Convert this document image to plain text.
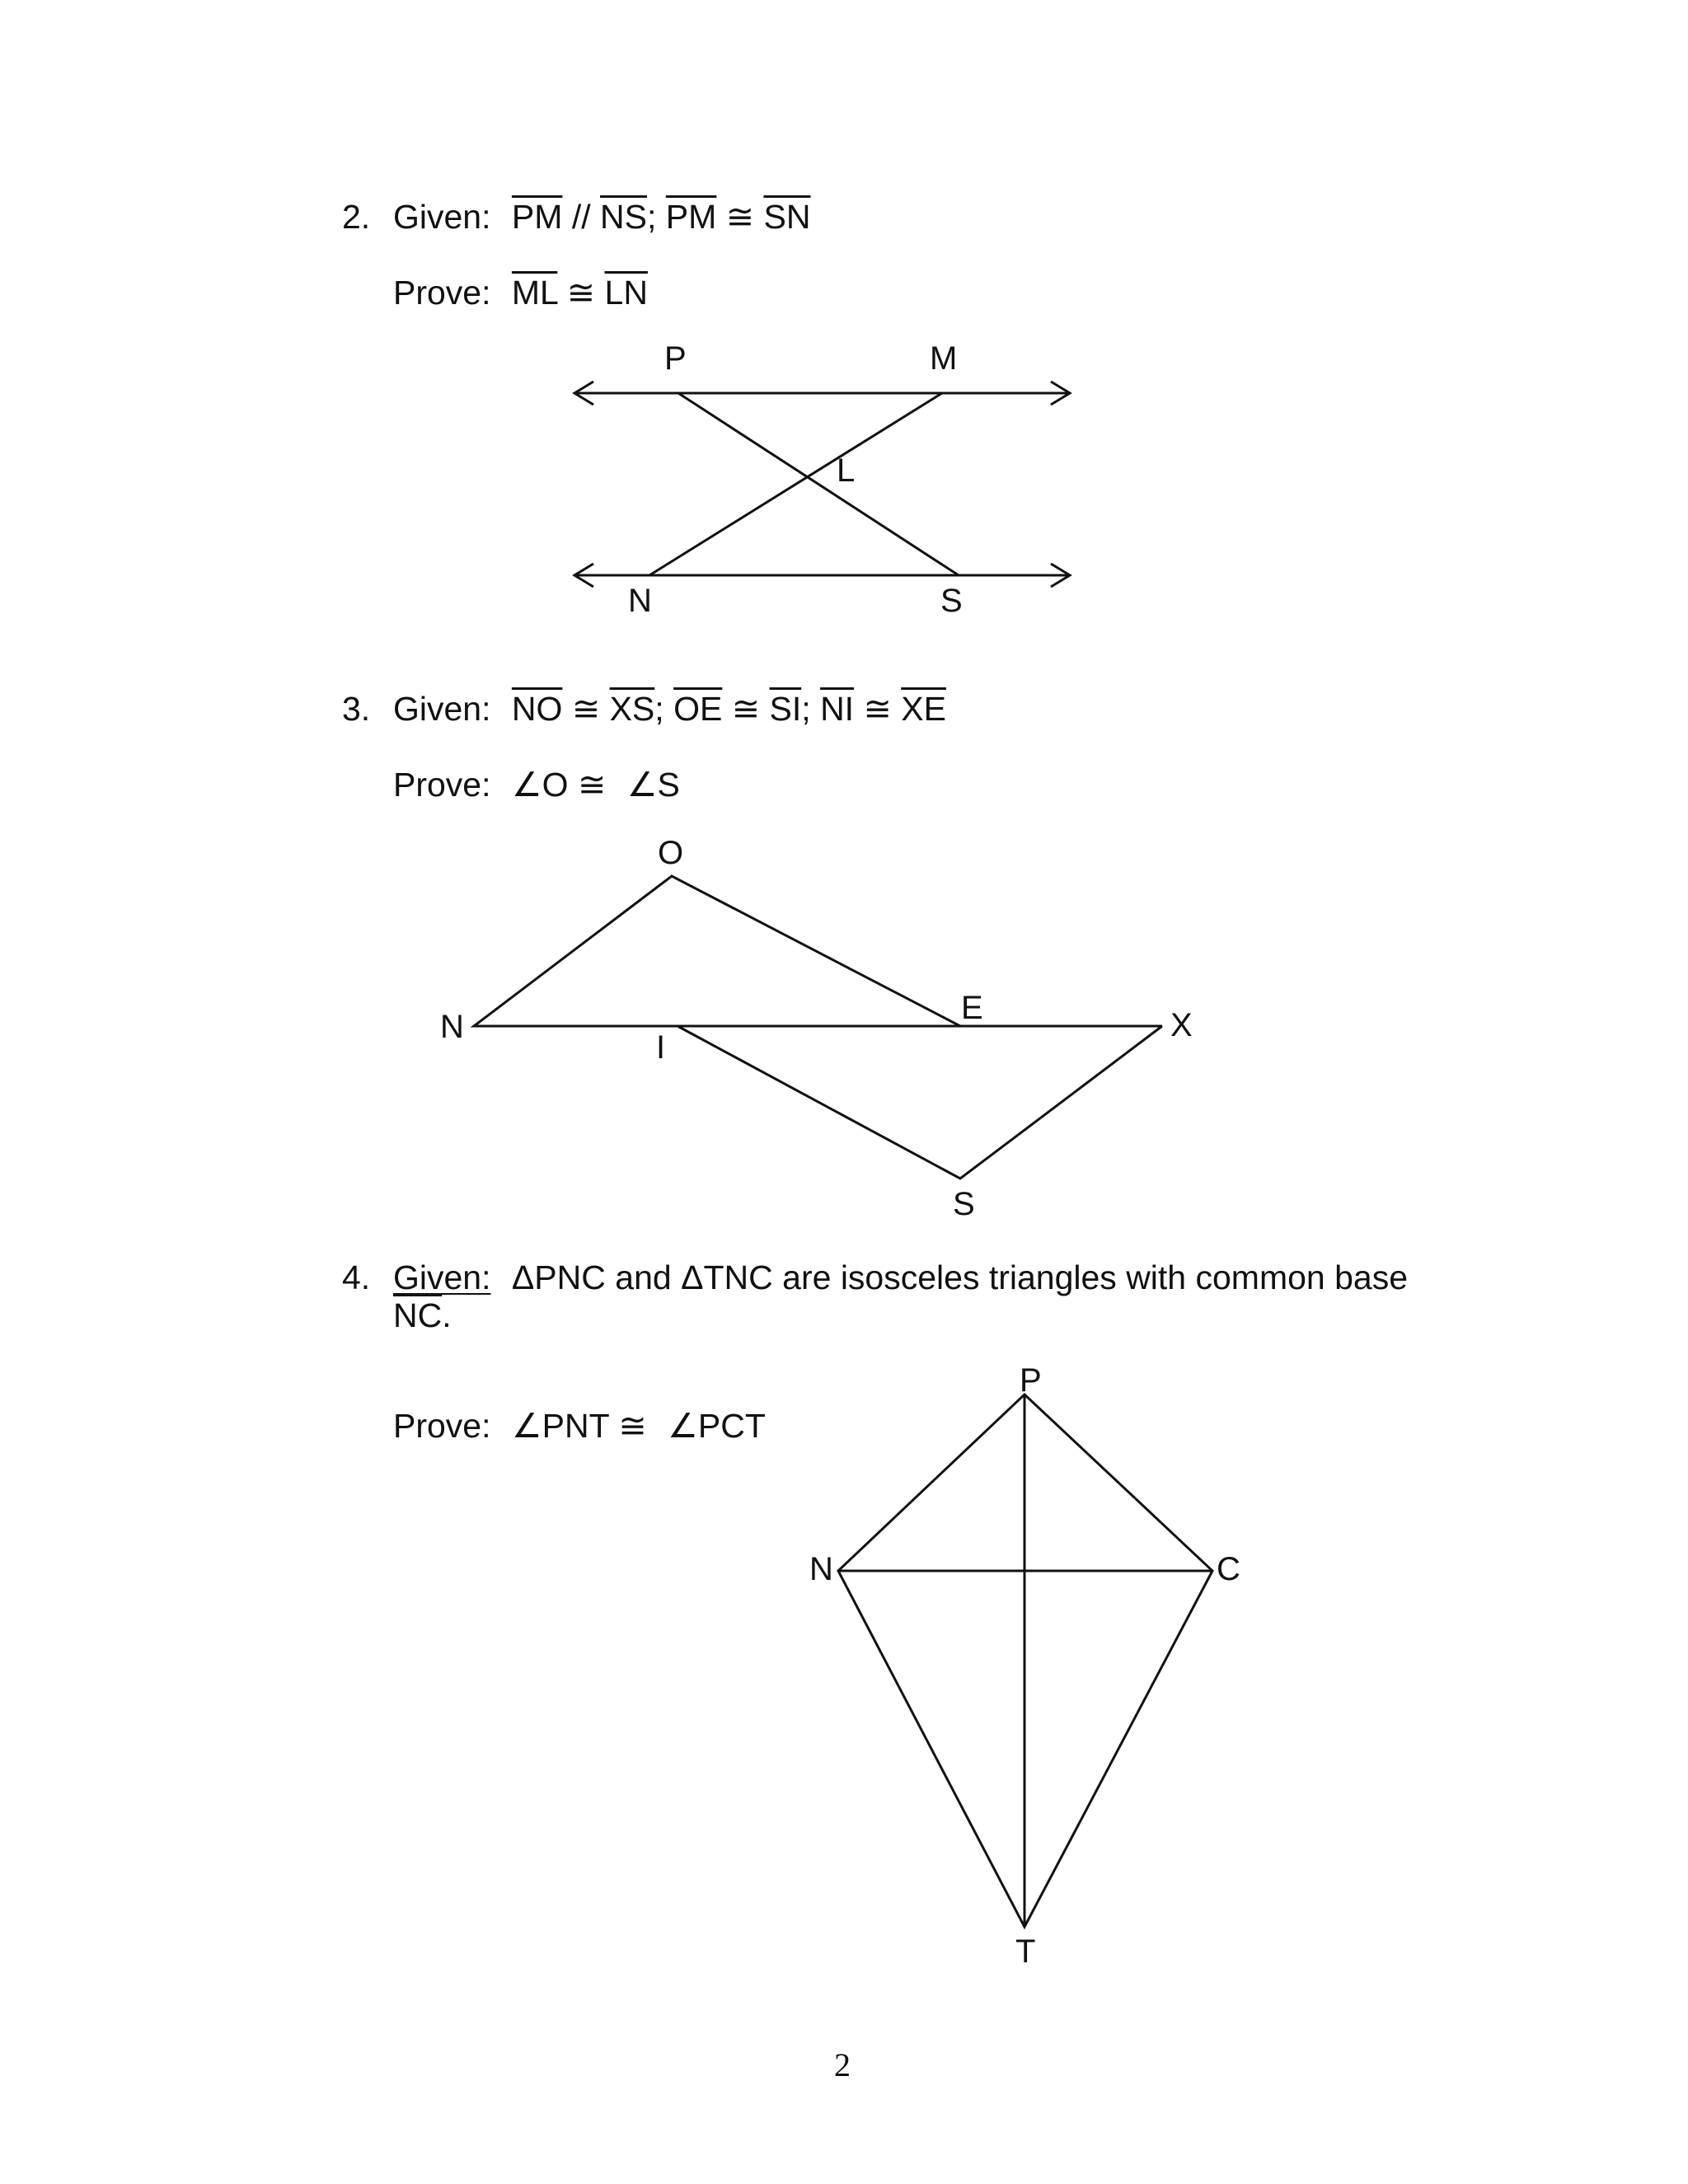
2. Given: $\overline{PM} // \overline{NS}$; $\overline{PM}$ ≅ $\overline{SN}$
Prove: $\overline{ML}$ ≅ $\overline{LN}$
3. Given: $\overline{NO}$ ≅ $\overline{XS}$; $\overline{OE}$ ≅ $\overline{SI}$; $\overline{NI}$ ≅ $\overline{XE}$
Prove: ∠O ≅ ∠S
4. Given: ΔPNC and ΔTNC are isosceles triangles with common base
$\overline{NC}$.
Prove: ∠PNT ≅ ∠PCT
P	M
L
N	S
O
N
E	X
I
S
P
N	C
T
2
